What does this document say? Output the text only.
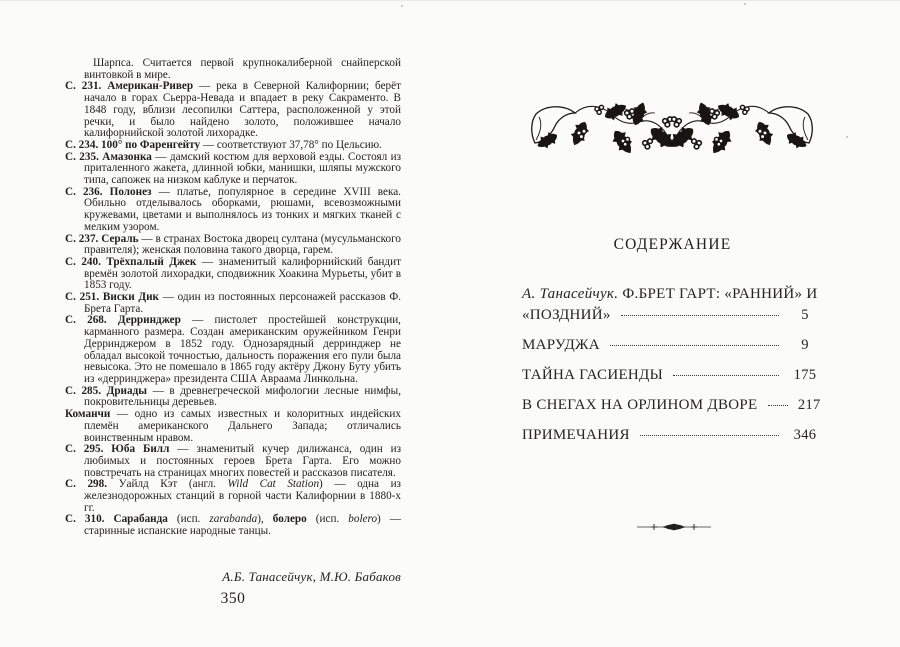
Шарпса. Считается первой крупнокалиберной снайперской винтовкой в мире.

С. 231. Американ-Ривер — река в Северной Калифорнии; берёт начало в горах Сьерра-Невада и впадает в реку Сакраменто. В 1848 году, вблизи лесопилки Саттера, расположенной у этой речки, и было найдено золото, положившее начало калифорнийской золотой лихорадке.

С. 234. 100° по Фаренгейту — соответствуют 37,78° по Цельсию.

С. 235. Амазонка — дамский костюм для верховой езды. Состоял из приталенного жакета, длинной юбки, манишки, шляпы мужского типа, сапожек на низком каблуке и перчаток.

С. 236. Полонез — платье, популярное в середине XVIII века. Обильно отделывалось оборками, рюшами, всевозможными кружевами, цветами и выполнялось из тонких и мягких тканей с мелким узором.

С. 237. Сераль — в странах Востока дворец султана (мусульманского правителя); женская половина такого дворца, гарем.

С. 240. Трёхпалый Джек — знаменитый калифорнийский бандит времён золотой лихорадки, сподвижник Хоакина Мурьеты, убит в 1853 году.

С. 251. Виски Дик — один из постоянных персонажей рассказов Ф. Брета Гарта.

С. 268. Дерринджер — пистолет простейшей конструкции, карманного размера. Создан американским оружейником Генри Дерринджером в 1852 году. Однозарядный дерринджер не обладал высокой точностью, дальность поражения его пули была невысока. Это не помешало в 1865 году актёру Джону Буту убить из «дерринджера» президента США Авраама Линкольна.

С. 285. Дриады — в древнегреческой мифологии лесные нимфы, покровительницы деревьев.

Команчи — одно из самых известных и колоритных индейских племён американского Дальнего Запада; отличались воинственным нравом.

С. 295. Юба Билл — знаменитый кучер дилижанса, один из любимых и постоянных героев Брета Гарта. Его можно повстречать на страницах многих повестей и рассказов писателя.

С. 298. Уайлд Кэт (англ. Wild Cat Station) — одна из железнодорожных станций в горной части Калифорнии в 1880-х гг.

С. 310. Сарабанда (исп. zarabanda), болеро (исп. bolero) — старинные испанские народные танцы.

А.Б. Танасейчук, М.Ю. Бабаков
350
СОДЕРЖАНИЕ
А. Танасейчук. Ф.БРЕТ ГАРТ: «РАННИЙ» И
«ПОЗДНИЙ»	5
МАРУДЖА	9
ТАЙНА ГАСИЕНДЫ	175
В СНЕГАХ НА ОРЛИНОМ ДВОРЕ	217
ПРИМЕЧАНИЯ	346
